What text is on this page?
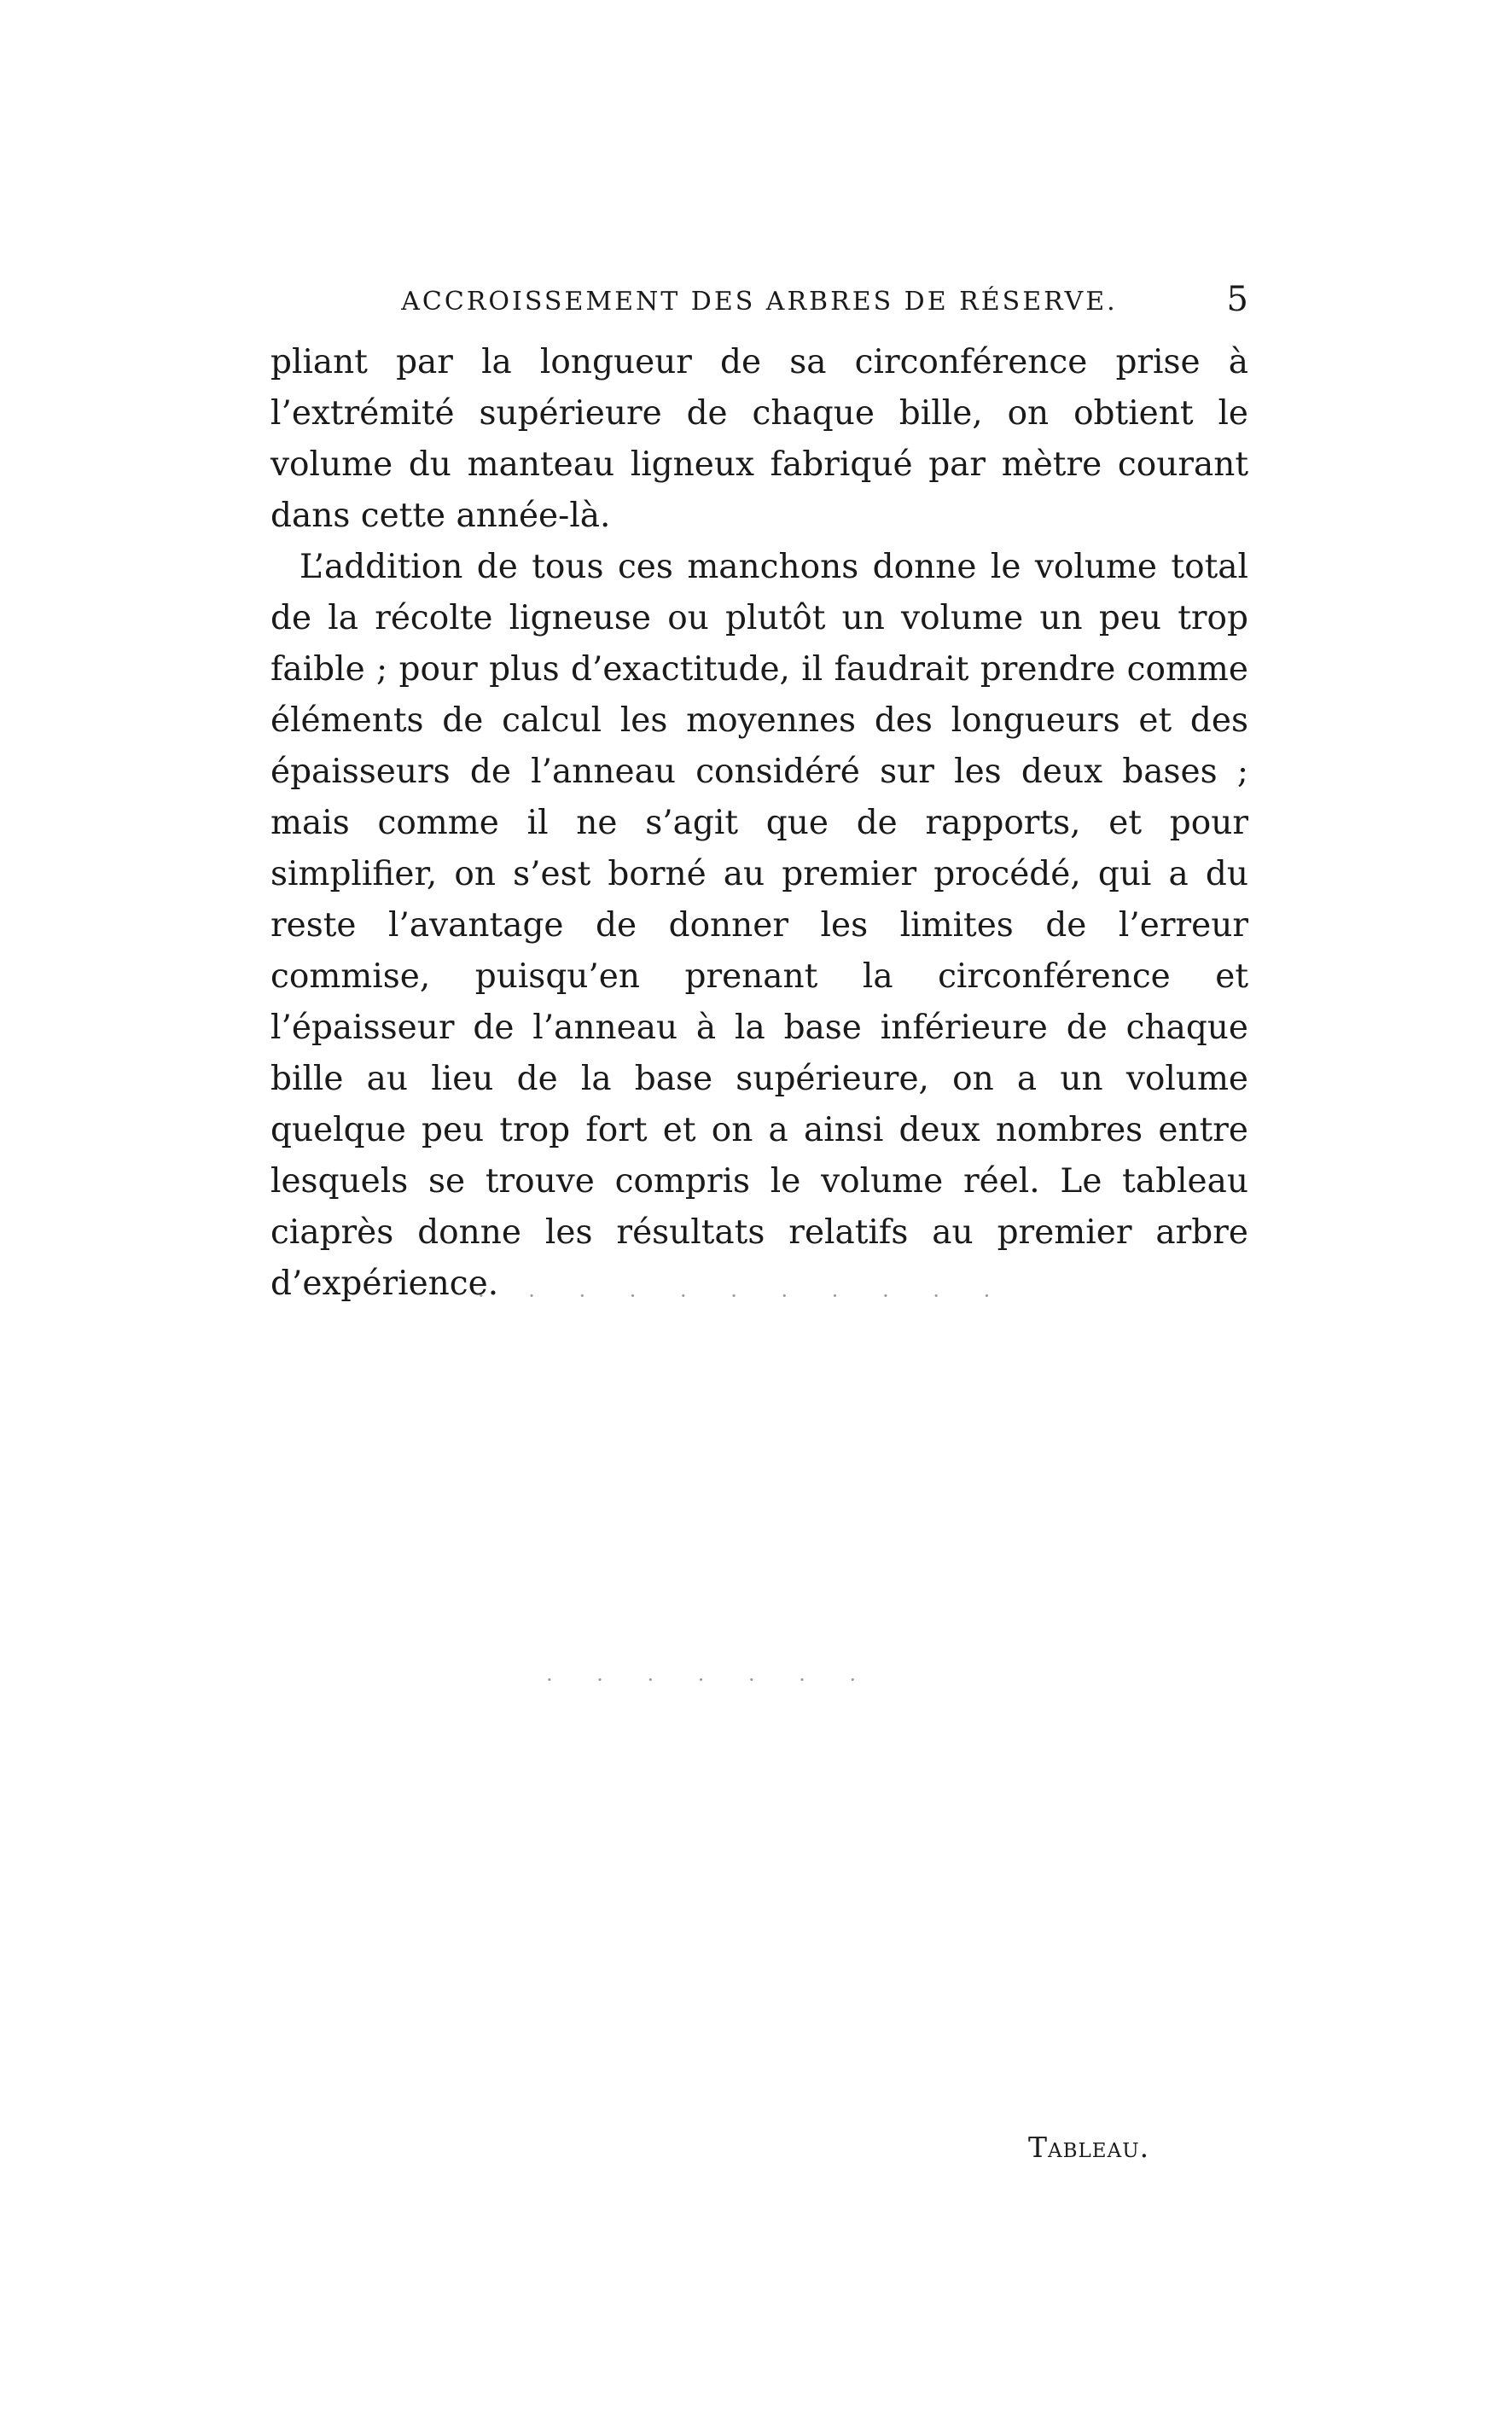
ACCROISSEMENT DES ARBRES DE RÉSERVE.	5

pliant par la longueur de sa circonférence prise à l’extrémité supérieure de chaque bille, on obtient le volume du manteau ligneux fabriqué par mètre courant dans cette année-là.

L’addition de tous ces manchons donne le volume total de la récolte ligneuse ou plutôt un volume un peu trop faible ; pour plus d’exactitude, il faudrait prendre comme éléments de calcul les moyennes des longueurs et des épaisseurs de l’anneau considéré sur les deux bases ; mais comme il ne s’agit que de rapports, et pour simplifier, on s’est borné au premier procédé, qui a du reste l’avantage de donner les limites de l’erreur commise, puisqu’en prenant la circonférence et l’épaisseur de l’anneau à la base inférieure de chaque bille au lieu de la base supérieure, on a un volume quelque peu trop fort et on a ainsi deux nombres entre lesquels se trouve compris le volume réel. Le tableau ciaprès donne les résultats relatifs au premier arbre d’expérience.

· · · · · · · · · · ·
· · · · · · ·
Tableau.
